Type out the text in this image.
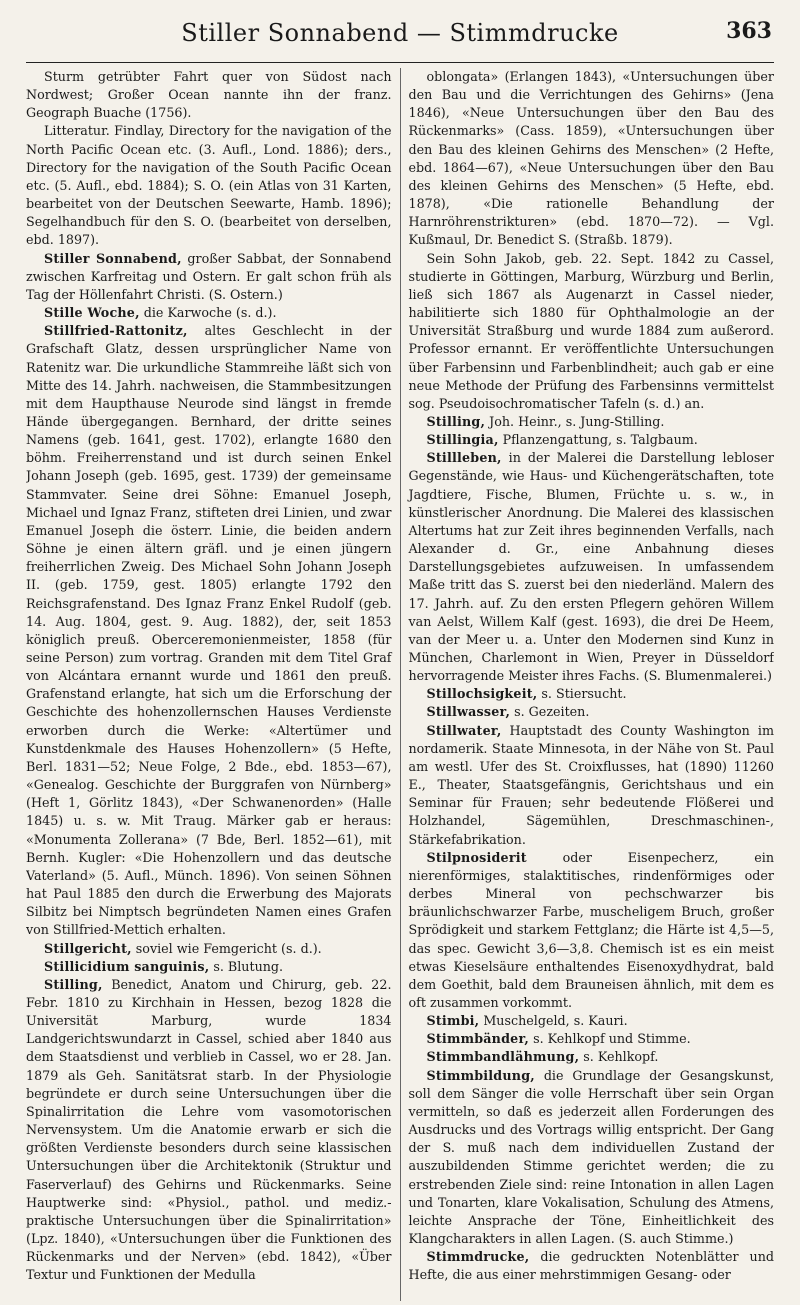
Stiller Sonnabend — Stimmdrucke	363

Sturm getrübter Fahrt quer von Südost nach Nordwest; Großer Ocean nannte ihn der franz. Geograph Buache (1756).

Litteratur. Findlay, Directory for the navigation of the North Pacific Ocean etc. (3. Aufl., Lond. 1886); ders., Directory for the navigation of the South Pacific Ocean etc. (5. Aufl., ebd. 1884); S. O. (ein Atlas von 31 Karten, bearbeitet von der Deutschen Seewarte, Hamb. 1896); Segelhandbuch für den S. O. (bearbeitet von derselben, ebd. 1897).

Stiller Sonnabend, großer Sabbat, der Sonnabend zwischen Karfreitag und Ostern. Er galt schon früh als Tag der Höllenfahrt Christi. (S. Ostern.)

Stille Woche, die Karwoche (s. d.).

Stillfried-Rattonitz, altes Geschlecht in der Grafschaft Glatz, dessen ursprünglicher Name von Ratenitz war. Die urkundliche Stammreihe läßt sich von Mitte des 14. Jahrh. nachweisen, die Stammbesitzungen mit dem Haupthause Neurode sind längst in fremde Hände übergegangen. Bernhard, der dritte seines Namens (geb. 1641, gest. 1702), erlangte 1680 den böhm. Freiherrenstand und ist durch seinen Enkel Johann Joseph (geb. 1695, gest. 1739) der gemeinsame Stammvater. Seine drei Söhne: Emanuel Joseph, Michael und Ignaz Franz, stifteten drei Linien, und zwar Emanuel Joseph die österr. Linie, die beiden andern Söhne je einen ältern gräfl. und je einen jüngern freiherrlichen Zweig. Des Michael Sohn Johann Joseph II. (geb. 1759, gest. 1805) erlangte 1792 den Reichsgrafenstand. Des Ignaz Franz Enkel Rudolf (geb. 14. Aug. 1804, gest. 9. Aug. 1882), der, seit 1853 königlich preuß. Oberceremonienmeister, 1858 (für seine Person) zum vortrag. Granden mit dem Titel Graf von Alcántara ernannt wurde und 1861 den preuß. Grafenstand erlangte, hat sich um die Erforschung der Geschichte des hohenzollernschen Hauses Verdienste erworben durch die Werke: «Altertümer und Kunstdenkmale des Hauses Hohenzollern» (5 Hefte, Berl. 1831—52; Neue Folge, 2 Bde., ebd. 1853—67), «Genealog. Geschichte der Burggrafen von Nürnberg» (Heft 1, Görlitz 1843), «Der Schwanenorden» (Halle 1845) u. s. w. Mit Traug. Märker gab er heraus: «Monumenta Zollerana» (7 Bde, Berl. 1852—61), mit Bernh. Kugler: «Die Hohenzollern und das deutsche Vaterland» (5. Aufl., Münch. 1896). Von seinen Söhnen hat Paul 1885 den durch die Erwerbung des Majorats Silbitz bei Nimptsch begründeten Namen eines Grafen von Stillfried-Mettich erhalten.

Stillgericht, soviel wie Femgericht (s. d.).

Stillicidium sanguinis, s. Blutung.

Stilling, Benedict, Anatom und Chirurg, geb. 22. Febr. 1810 zu Kirchhain in Hessen, bezog 1828 die Universität Marburg, wurde 1834 Landgerichtswundarzt in Cassel, schied aber 1840 aus dem Staatsdienst und verblieb in Cassel, wo er 28. Jan. 1879 als Geh. Sanitätsrat starb. In der Physiologie begründete er durch seine Untersuchungen über die Spinalirritation die Lehre vom vasomotorischen Nervensystem. Um die Anatomie erwarb er sich die größten Verdienste besonders durch seine klassischen Untersuchungen über die Architektonik (Struktur und Faserverlauf) des Gehirns und Rückenmarks. Seine Hauptwerke sind: «Physiol., pathol. und mediz.-praktische Untersuchungen über die Spinalirritation» (Lpz. 1840), «Untersuchungen über die Funktionen des Rückenmarks und der Nerven» (ebd. 1842), «Über Textur und Funktionen der Medulla

oblongata» (Erlangen 1843), «Untersuchungen über den Bau und die Verrichtungen des Gehirns» (Jena 1846), «Neue Untersuchungen über den Bau des Rückenmarks» (Cass. 1859), «Untersuchungen über den Bau des kleinen Gehirns des Menschen» (2 Hefte, ebd. 1864—67), «Neue Untersuchungen über den Bau des kleinen Gehirns des Menschen» (5 Hefte, ebd. 1878), «Die rationelle Behandlung der Harnröhrenstrikturen» (ebd. 1870—72). — Vgl. Kußmaul, Dr. Benedict S. (Straßb. 1879).

Sein Sohn Jakob, geb. 22. Sept. 1842 zu Cassel, studierte in Göttingen, Marburg, Würzburg und Berlin, ließ sich 1867 als Augenarzt in Cassel nieder, habilitierte sich 1880 für Ophthalmologie an der Universität Straßburg und wurde 1884 zum außerord. Professor ernannt. Er veröffentlichte Untersuchungen über Farbensinn und Farbenblindheit; auch gab er eine neue Methode der Prüfung des Farbensinns vermittelst sog. Pseudoisochromatischer Tafeln (s. d.) an.

Stilling, Joh. Heinr., s. Jung-Stilling.

Stillingia, Pflanzengattung, s. Talgbaum.

Stillleben, in der Malerei die Darstellung lebloser Gegenstände, wie Haus- und Küchengerätschaften, tote Jagdtiere, Fische, Blumen, Früchte u. s. w., in künstlerischer Anordnung. Die Malerei des klassischen Altertums hat zur Zeit ihres beginnenden Verfalls, nach Alexander d. Gr., eine Anbahnung dieses Darstellungsgebietes aufzuweisen. In umfassendem Maße tritt das S. zuerst bei den niederländ. Malern des 17. Jahrh. auf. Zu den ersten Pflegern gehören Willem van Aelst, Willem Kalf (gest. 1693), die drei De Heem, van der Meer u. a. Unter den Modernen sind Kunz in München, Charlemont in Wien, Preyer in Düsseldorf hervorragende Meister ihres Fachs. (S. Blumenmalerei.)

Stillochsigkeit, s. Stiersucht.

Stillwasser, s. Gezeiten.

Stillwater, Hauptstadt des County Washington im nordamerik. Staate Minnesota, in der Nähe von St. Paul am westl. Ufer des St. Croixflusses, hat (1890) 11260 E., Theater, Staatsgefängnis, Gerichtshaus und ein Seminar für Frauen; sehr bedeutende Flößerei und Holzhandel, Sägemühlen, Dreschmaschinen-, Stärkefabrikation.

Stilpnosiderit oder Eisenpecherz, ein nierenförmiges, stalaktitisches, rindenförmiges oder derbes Mineral von pechschwarzer bis bräunlichschwarzer Farbe, muscheligem Bruch, großer Sprödigkeit und starkem Fettglanz; die Härte ist 4,5—5, das spec. Gewicht 3,6—3,8. Chemisch ist es ein meist etwas Kieselsäure enthaltendes Eisenoxydhydrat, bald dem Goethit, bald dem Brauneisen ähnlich, mit dem es oft zusammen vorkommt.

Stimbi, Muschelgeld, s. Kauri.

Stimmbänder, s. Kehlkopf und Stimme.

Stimmbandlähmung, s. Kehlkopf.

Stimmbildung, die Grundlage der Gesangskunst, soll dem Sänger die volle Herrschaft über sein Organ vermitteln, so daß es jederzeit allen Forderungen des Ausdrucks und des Vortrags willig entspricht. Der Gang der S. muß nach dem individuellen Zustand der auszubildenden Stimme gerichtet werden; die zu erstrebenden Ziele sind: reine Intonation in allen Lagen und Tonarten, klare Vokalisation, Schulung des Atmens, leichte Ansprache der Töne, Einheitlichkeit des Klangcharakters in allen Lagen. (S. auch Stimme.)

Stimmdrucke, die gedruckten Notenblätter und Hefte, die aus einer mehrstimmigen Gesang- oder
